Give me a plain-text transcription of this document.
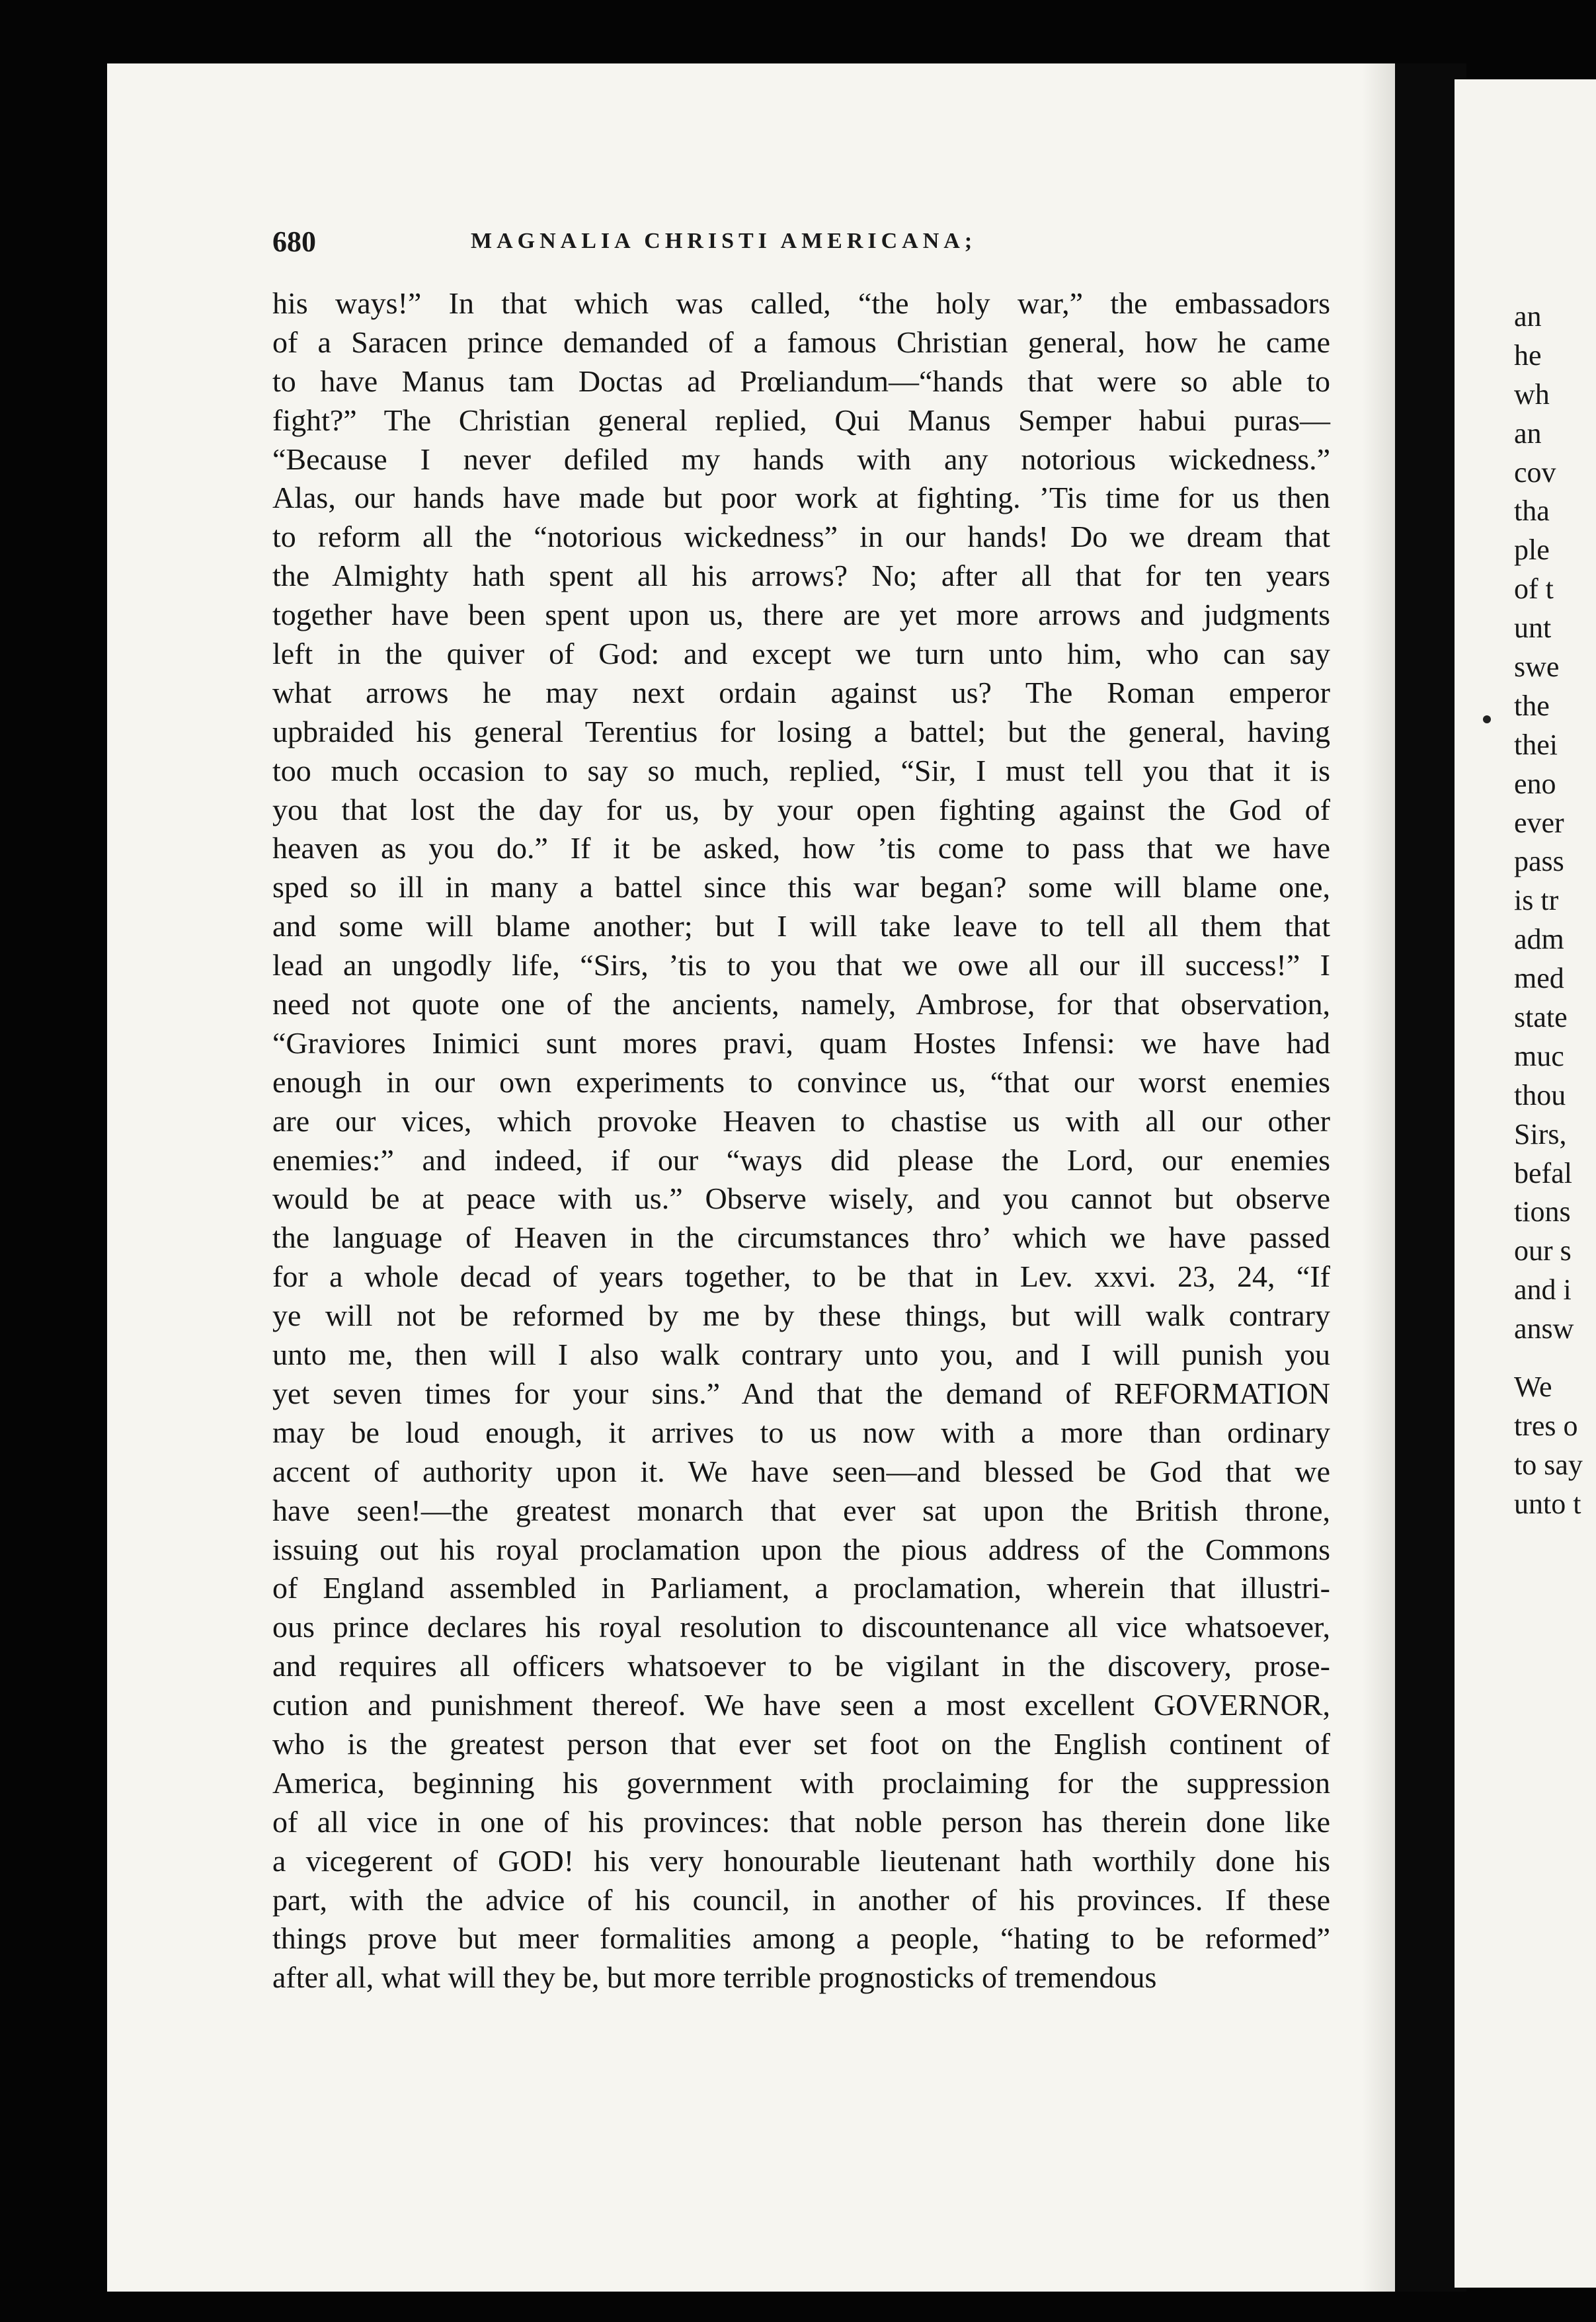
680	MAGNALIA CHRISTI AMERICANA;
his ways!” In that which was called, “the holy war,” the embassadors
of a Saracen prince demanded of a famous Christian general, how he came
to have Manus tam Doctas ad Prœliandum—“hands that were so able to
fight?” The Christian general replied, Qui Manus Semper habui puras—
“Because I never defiled my hands with any notorious wickedness.”
Alas, our hands have made but poor work at fighting. ’Tis time for us then
to reform all the “notorious wickedness” in our hands! Do we dream that
the Almighty hath spent all his arrows? No; after all that for ten years
together have been spent upon us, there are yet more arrows and judgments
left in the quiver of God: and except we turn unto him, who can say
what arrows he may next ordain against us? The Roman emperor
upbraided his general Terentius for losing a battel; but the general, having
too much occasion to say so much, replied, “Sir, I must tell you that it is
you that lost the day for us, by your open fighting against the God of
heaven as you do.” If it be asked, how ’tis come to pass that we have
sped so ill in many a battel since this war began? some will blame one,
and some will blame another; but I will take leave to tell all them that
lead an ungodly life, “Sirs, ’tis to you that we owe all our ill success!” I
need not quote one of the ancients, namely, Ambrose, for that observation,
“Graviores Inimici sunt mores pravi, quam Hostes Infensi: we have had
enough in our own experiments to convince us, “that our worst enemies
are our vices, which provoke Heaven to chastise us with all our other
enemies:” and indeed, if our “ways did please the Lord, our enemies
would be at peace with us.” Observe wisely, and you cannot but observe
the language of Heaven in the circumstances thro’ which we have passed
for a whole decad of years together, to be that in Lev. xxvi. 23, 24, “If
ye will not be reformed by me by these things, but will walk contrary
unto me, then will I also walk contrary unto you, and I will punish you
yet seven times for your sins.” And that the demand of REFORMATION
may be loud enough, it arrives to us now with a more than ordinary
accent of authority upon it. We have seen—and blessed be God that we
have seen!—the greatest monarch that ever sat upon the British throne,
issuing out his royal proclamation upon the pious address of the Commons
of England assembled in Parliament, a proclamation, wherein that illustri-
ous prince declares his royal resolution to discountenance all vice whatsoever,
and requires all officers whatsoever to be vigilant in the discovery, prose-
cution and punishment thereof. We have seen a most excellent GOVERNOR,
who is the greatest person that ever set foot on the English continent of
America, beginning his government with proclaiming for the suppression
of all vice in one of his provinces: that noble person has therein done like
a vicegerent of GOD! his very honourable lieutenant hath worthily done his
part, with the advice of his council, in another of his provinces. If these
things prove but meer formalities among a people, “hating to be reformed”
after all, what will they be, but more terrible prognosticks of tremendous
an
he
wh
an
cov
tha
ple
of t
unt
swe
the
thei
eno
ever
pass
is tr
adm
med
state
muc
thou
Sirs,
befal
tions
our s
and i
answ
We
tres o
to say
unto t
